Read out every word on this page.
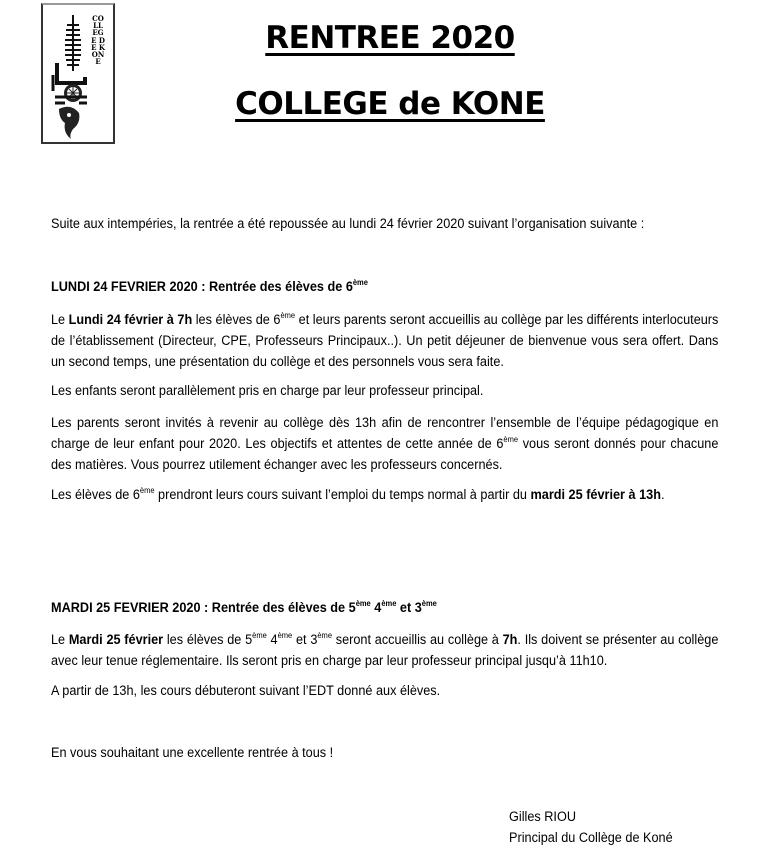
COLLEGE DE KONE
RENTREE 2020
COLLEGE de KONE
Suite aux intempéries, la rentrée a été repoussée au lundi 24 février 2020 suivant l’organisation suivante :
LUNDI 24 FEVRIER 2020 : Rentrée des élèves de 6ème
Le Lundi 24 février à 7h les élèves de 6ème et leurs parents seront accueillis au collège par les différents interlocuteurs de l’établissement (Directeur, CPE, Professeurs Principaux..). Un petit déjeuner de bienvenue vous sera offert. Dans un second temps, une présentation du collège et des personnels vous sera faite.
Les enfants seront parallèlement pris en charge par leur professeur principal.
Les parents seront invités à revenir au collège dès 13h afin de rencontrer l’ensemble de l’équipe pédagogique en charge de leur enfant pour 2020. Les objectifs et attentes de cette année de 6ème vous seront donnés pour chacune des matières. Vous pourrez utilement échanger avec les professeurs concernés.
Les élèves de 6ème prendront leurs cours suivant l’emploi du temps normal à partir du mardi 25 février à 13h.
MARDI 25 FEVRIER 2020 : Rentrée des élèves de 5ème 4ème et 3ème
Le Mardi 25 février les élèves de 5ème 4ème et 3ème seront accueillis au collège à 7h. Ils doivent se présenter au collège avec leur tenue réglementaire. Ils seront pris en charge par leur professeur principal jusqu’à 11h10.
A partir de 13h, les cours débuteront suivant l’EDT donné aux élèves.
En vous souhaitant une excellente rentrée à tous !
Gilles RIOU
Principal du Collège de Koné
